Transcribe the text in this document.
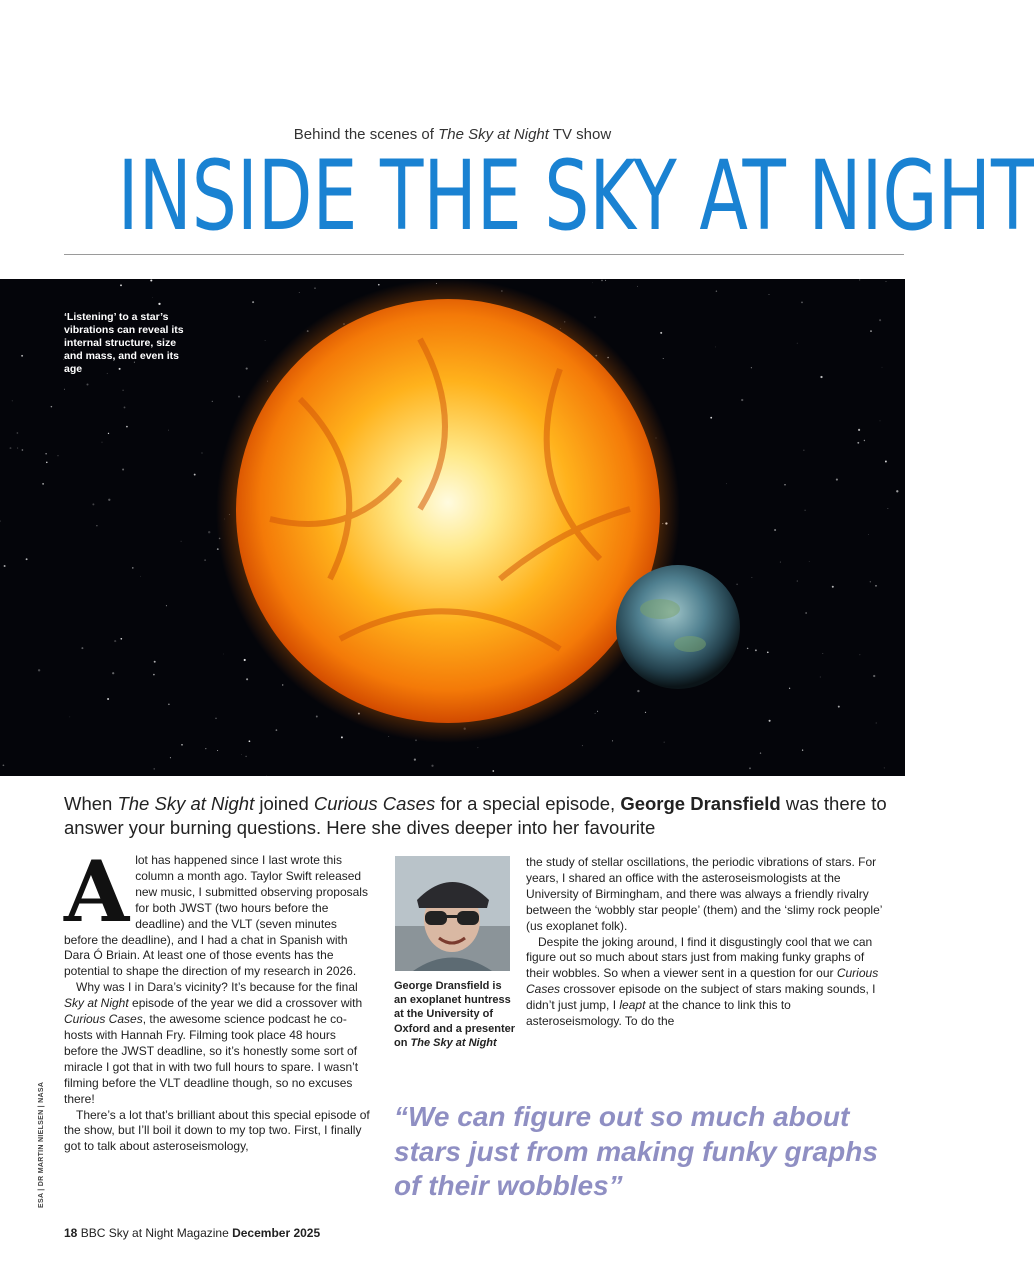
Behind the scenes of The Sky at Night TV show
INSIDE THE SKY AT NIGHT
‘Listening’ to a star’s vibrations can reveal its internal structure, size and mass, and even its age
When The Sky at Night joined Curious Cases for a special episode, George Dransfield was there to answer your burning questions. Here she dives deeper into her favourite
A lot has happened since I last wrote this column a month ago. Taylor Swift released new music, I submitted observing proposals for both JWST (two hours before the deadline) and the VLT (seven minutes before the deadline), and I had a chat in Spanish with Dara Ó Briain. At least one of those events has the potential to shape the direction of my research in 2026.

Why was I in Dara’s vicinity? It’s because for the final Sky at Night episode of the year we did a crossover with Curious Cases, the awesome science podcast he co-hosts with Hannah Fry. Filming took place 48 hours before the JWST deadline, so it’s honestly some sort of miracle I got that in with two full hours to spare. I wasn’t filming before the VLT deadline though, so no excuses there!

There’s a lot that’s brilliant about this special episode of the show, but I’ll boil it down to my top two. First, I finally got to talk about asteroseismology,

George Dransfield is an exoplanet huntress at the University of Oxford and a presenter on The Sky at Night

the study of stellar oscillations, the periodic vibrations of stars. For years, I shared an office with the asteroseismologists at the University of Birmingham, and there was always a friendly rivalry between the ‘wobbly star people’ (them) and the ‘slimy rock people’ (us exoplanet folk).

Despite the joking around, I find it disgustingly cool that we can figure out so much about stars just from making funky graphs of their wobbles. So when a viewer sent in a question for our Curious Cases crossover episode on the subject of stars making sounds, I didn’t just jump, I leapt at the chance to link this to asteroseismology. To do the

“We can figure out so much about stars just from making funky graphs of their wobbles”
ESA | DR MARTIN NIELSEN | NASA
18 BBC Sky at Night Magazine December 2025
